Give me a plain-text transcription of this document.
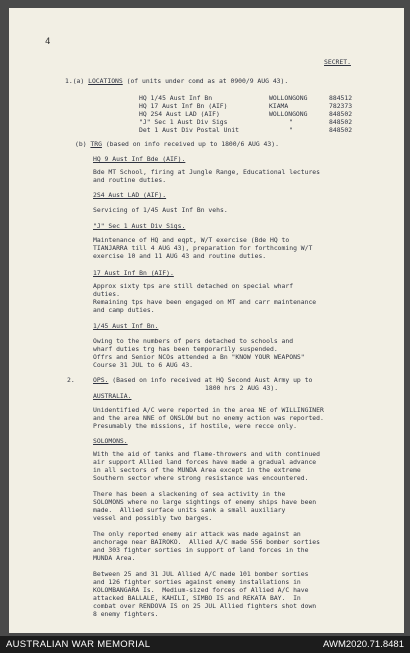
4
SECRET.
1.(a) LOCATIONS (of units under comd as at 0900/9 AUG 43).
HQ 1/45 Aust Inf Bn	WOLLONGONG	884512
HQ 17 Aust Inf Bn (AIF)	KIAMA	782373
HQ 2S4 Aust LAD (AIF)	WOLLONGONG	848502
"J" Sec 1 Aust Div Sigs	"	848502
Det 1 Aust Div Postal Unit	"	848502
(b) TRG (based on info received up to 1800/6 AUG 43).
HQ 9 Aust Inf Bde (AIF).
Bde MT School, firing at Jungle Range, Educational lectures
and routine duties.
2S4 Aust LAD (AIF).
Servicing of 1/45 Aust Inf Bn vehs.
"J" Sec 1 Aust Div Sigs.
Maintenance of HQ and eqpt, W/T exercise (Bde HQ to
TIANJARRA till 4 AUG 43), preparation for forthcoming W/T
exercise 10 and 11 AUG 43 and routine duties.
17 Aust Inf Bn (AIF).
Approx sixty tps are still detached on special wharf
duties.
Remaining tps have been engaged on MT and carr maintenance
and camp duties.
1/45 Aust Inf Bn.
Owing to the numbers of pers detached to schools and
wharf duties trg has been temporarily suspended.
Offrs and Senior NCOs attended a Bn "KNOW YOUR WEAPONS"
Course 31 JUL to 6 AUG 43.
2.	OPS. (Based on info received at HQ Second Aust Army up to
1800 hrs 2 AUG 43).
AUSTRALIA.
Unidentified A/C were reported in the area NE of WILLINGINER
and the area NNE of ONSLOW but no enemy action was reported.
Presumably the missions, if hostile, were recce only.
SOLOMONS.
With the aid of tanks and flame-throwers and with continued
air support Allied land forces have made a gradual advance
in all sectors of the MUNDA Area except in the extreme
Southern sector where strong resistance was encountered.
There has been a slackening of sea activity in the
SOLOMONS where no large sightings of enemy ships have been
made.  Allied surface units sank a small auxiliary
vessel and possibly two barges.
The only reported enemy air attack was made against an
anchorage near BAIROKO.  Allied A/C made 556 bomber sorties
and 303 fighter sorties in support of land forces in the
MUNDA Area.
Between 25 and 31 JUL Allied A/C made 101 bomber sorties
and 126 fighter sorties against enemy installations in
KOLOMBANGARA Is.  Medium-sized forces of Allied A/C have
attacked BALLALE, KAHILI, SIMBO IS and REKATA BAY.  In
combat over RENDOVA IS on 25 JUL Allied fighters shot down
8 enemy fighters.
AUSTRALIAN WAR MEMORIAL	AWM2020.71.8481
